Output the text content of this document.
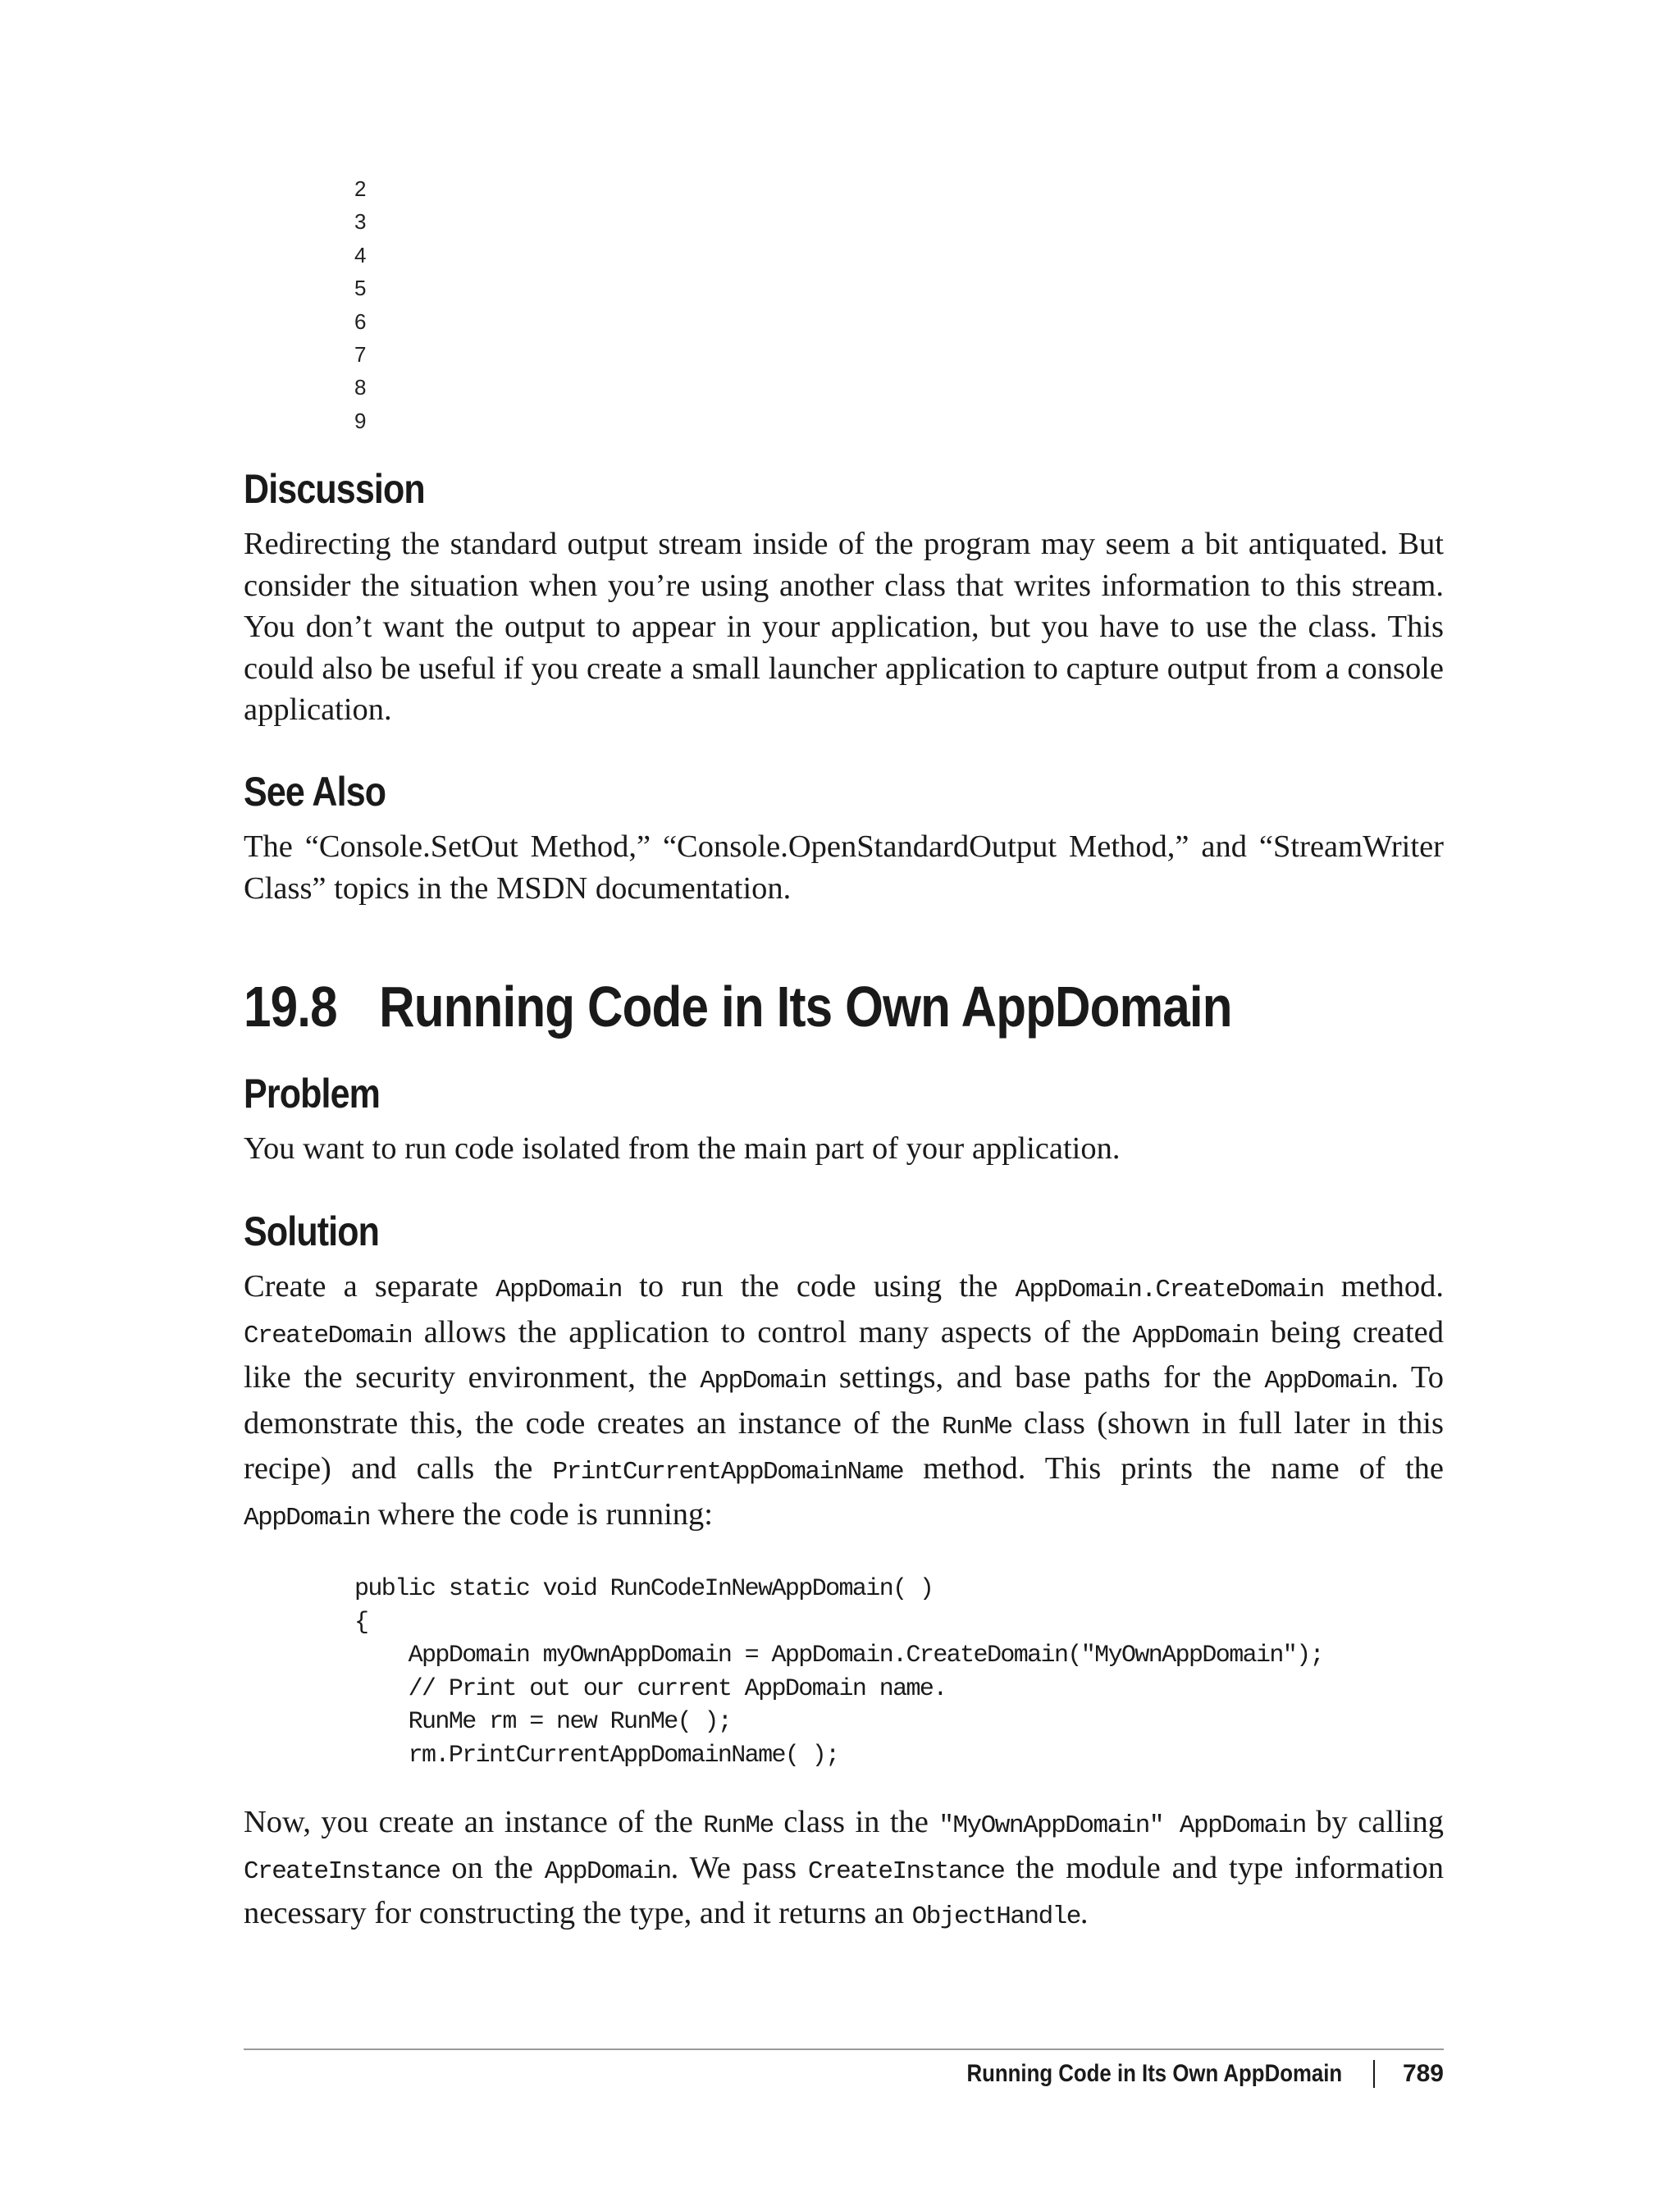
2
3
4
5
6
7
8
9
Discussion

Redirecting the standard output stream inside of the program may seem a bit antiquated. But consider the situation when you’re using another class that writes information to this stream. You don’t want the output to appear in your application, but you have to use the class. This could also be useful if you create a small launcher application to capture output from a console application.

See Also

The “Console.SetOut Method,” “Console.OpenStandardOutput Method,” and “StreamWriter Class” topics in the MSDN documentation.

19.8 Running Code in Its Own AppDomain
Problem

You want to run code isolated from the main part of your application.

Solution

Create a separate AppDomain to run the code using the AppDomain.CreateDomain method. CreateDomain allows the application to control many aspects of the AppDomain being created like the security environment, the AppDomain settings, and base paths for the AppDomain. To demonstrate this, the code creates an instance of the RunMe class (shown in full later in this recipe) and calls the PrintCurrentAppDomainName method. This prints the name of the AppDomain where the code is running:

public static void RunCodeInNewAppDomain( )
{
AppDomain myOwnAppDomain = AppDomain.CreateDomain("MyOwnAppDomain");
// Print out our current AppDomain name.
RunMe rm = new RunMe( );
rm.PrintCurrentAppDomainName( );

Now, you create an instance of the RunMe class in the "MyOwnAppDomain" AppDomain by calling CreateInstance on the AppDomain. We pass CreateInstance the module and type information necessary for constructing the type, and it returns an ObjectHandle.

Running Code in Its Own AppDomain 789
